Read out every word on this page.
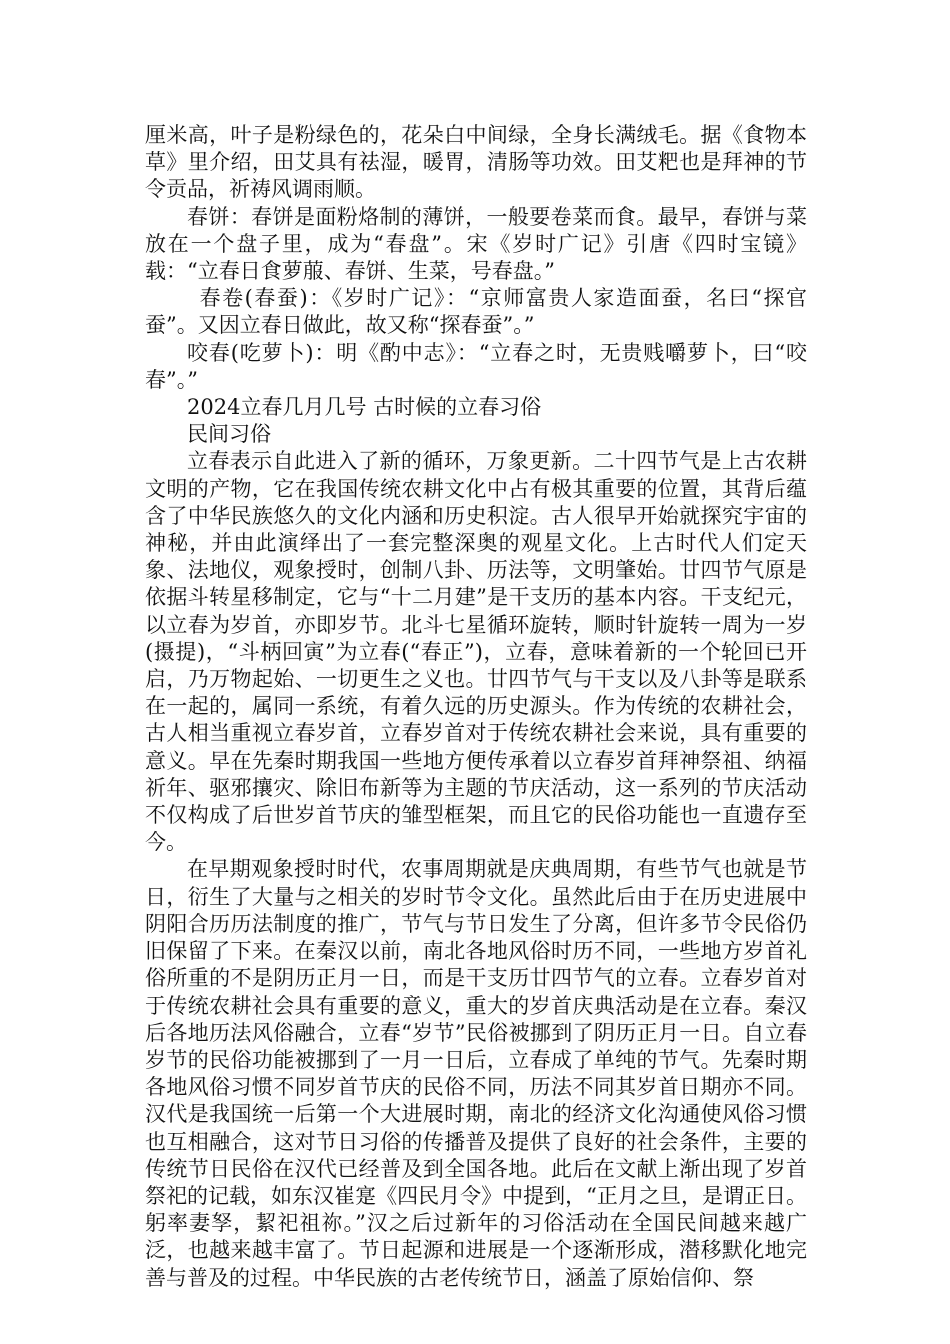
厘米高，叶子是粉绿色的，花朵白中间绿，全身长满绒毛。据《食物本草》里介绍，田艾具有祛湿，暖胃，清肠等功效。田艾粑也是拜神的节令贡品，祈祷风调雨顺。

春饼：春饼是面粉烙制的薄饼，一般要卷菜而食。最早，春饼与菜放在一个盘子里，成为“春盘”。宋《岁时广记》引唐《四时宝镜》载：“立春日食萝菔、春饼、生菜，号春盘。”

春卷(春蚕)：《岁时广记》：“京师富贵人家造面蚕，名曰“探官蚕”。又因立春日做此，故又称“探春蚕”。”

咬春(吃萝卜)：明《酌中志》：“立春之时，无贵贱嚼萝卜，曰“咬春”。”

2024立春几月几号 古时候的立春习俗

民间习俗

立春表示自此进入了新的循环，万象更新。二十四节气是上古农耕文明的产物，它在我国传统农耕文化中占有极其重要的位置，其背后蕴含了中华民族悠久的文化内涵和历史积淀。古人很早开始就探究宇宙的神秘，并由此演绎出了一套完整深奥的观星文化。上古时代人们定天象、法地仪，观象授时，创制八卦、历法等，文明肇始。廿四节气原是依据斗转星移制定，它与“十二月建”是干支历的基本内容。干支纪元，以立春为岁首，亦即岁节。北斗七星循环旋转，顺时针旋转一周为一岁(摄提)，“斗柄回寅”为立春(“春正”)，立春，意味着新的一个轮回已开启，乃万物起始、一切更生之义也。廿四节气与干支以及八卦等是联系在一起的，属同一系统，有着久远的历史源头。作为传统的农耕社会，古人相当重视立春岁首，立春岁首对于传统农耕社会来说，具有重要的意义。早在先秦时期我国一些地方便传承着以立春岁首拜神祭祖、纳福祈年、驱邪攘灾、除旧布新等为主题的节庆活动，这一系列的节庆活动不仅构成了后世岁首节庆的雏型框架，而且它的民俗功能也一直遗存至今。

在早期观象授时时代，农事周期就是庆典周期，有些节气也就是节日，衍生了大量与之相关的岁时节令文化。虽然此后由于在历史进展中阴阳合历历法制度的推广，节气与节日发生了分离，但许多节令民俗仍旧保留了下来。在秦汉以前，南北各地风俗时历不同，一些地方岁首礼俗所重的不是阴历正月一日，而是干支历廿四节气的立春。立春岁首对于传统农耕社会具有重要的意义，重大的岁首庆典活动是在立春。秦汉后各地历法风俗融合，立春“岁节”民俗被挪到了阴历正月一日。自立春岁节的民俗功能被挪到了一月一日后，立春成了单纯的节气。先秦时期各地风俗习惯不同岁首节庆的民俗不同，历法不同其岁首日期亦不同。汉代是我国统一后第一个大进展时期，南北的经济文化沟通使风俗习惯也互相融合，这对节日习俗的传播普及提供了良好的社会条件，主要的传统节日民俗在汉代已经普及到全国各地。此后在文献上渐出现了岁首祭祀的记载，如东汉崔寔《四民月令》中提到，“正月之旦，是谓正日。躬率妻孥，絜祀祖祢。”汉之后过新年的习俗活动在全国民间越来越广泛，也越来越丰富了。节日起源和进展是一个逐渐形成，潜移默化地完善与普及的过程。中华民族的古老传统节日，涵盖了原始信仰、祭
